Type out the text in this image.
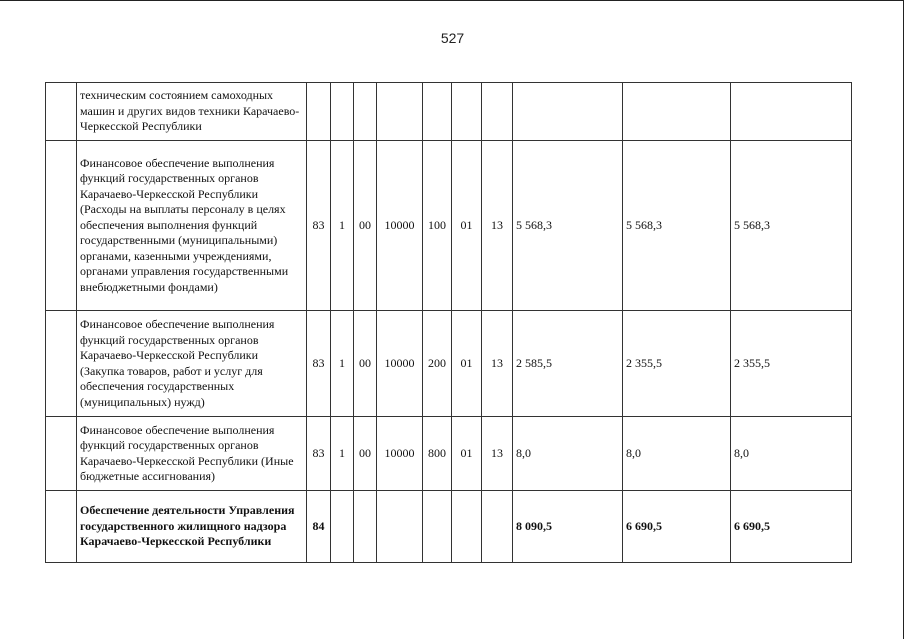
527
	техническим состоянием самоходных машин и других видов техники Карачаево-Черкесской Республики										
	Финансовое обеспечение выполнения функций государственных органов Карачаево-Черкесской Республики (Расходы на выплаты персоналу в целях обеспечения выполнения функций государственными (муниципальными) органами, казенными учреждениями, органами управления государственными внебюджетными фондами)	83	1	00	10000	100	01	13	5 568,3	5 568,3	5 568,3
	Финансовое обеспечение выполнения функций государственных органов Карачаево-Черкесской Республики (Закупка товаров, работ и услуг для обеспечения государственных (муниципальных) нужд)	83	1	00	10000	200	01	13	2 585,5	2 355,5	2 355,5
	Финансовое обеспечение выполнения функций государственных органов Карачаево-Черкесской Республики (Иные бюджетные ассигнования)	83	1	00	10000	800	01	13	8,0	8,0	8,0
	Обеспечение деятельности Управления государственного жилищного надзора Карачаево-Черкесской Республики	84							8 090,5	6 690,5	6 690,5
